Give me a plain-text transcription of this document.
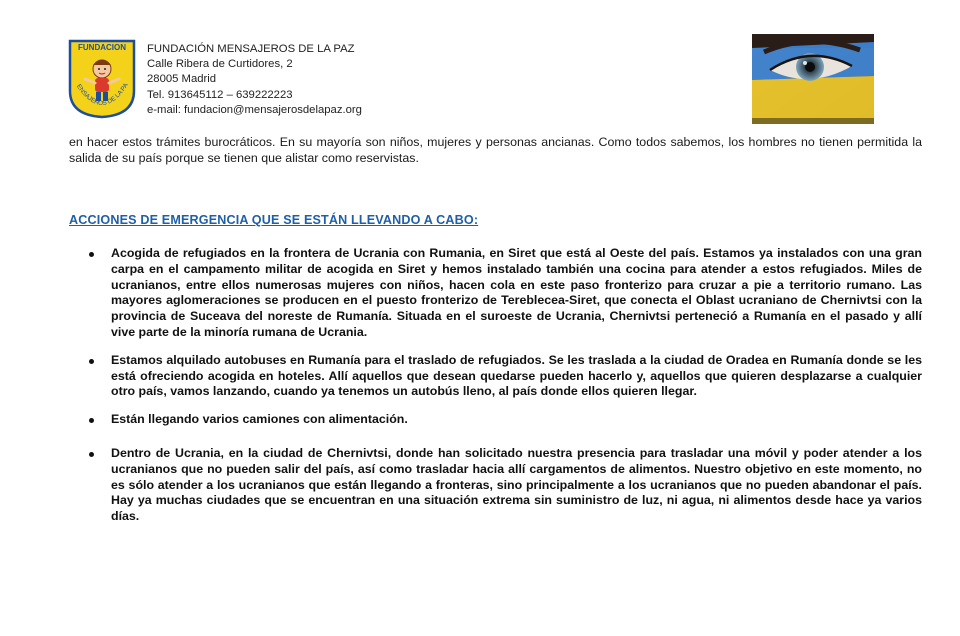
FUNDACION
ENSAJEROS DE LA PA
FUNDACIÓN MENSAJEROS DE LA PAZ
Calle Ribera de Curtidores, 2
28005 Madrid
Tel. 913645112 – 639222223
e-mail: fundacion@mensajerosdelapaz.org
en hacer estos trámites burocráticos. En su mayoría son niños, mujeres y personas ancianas. Como todos sabemos, los hombres no tienen permitida la salida de su país porque se tienen que alistar como reservistas.
ACCIONES DE EMERGENCIA QUE SE ESTÁN LLEVANDO A CABO:
Acogida de refugiados en la frontera de Ucrania con Rumania, en Siret que está al Oeste del país. Estamos ya instalados con una gran carpa en el campamento militar de acogida en Siret y hemos instalado también una cocina para atender a estos refugiados. Miles de ucranianos, entre ellos numerosas mujeres con niños, hacen cola en este paso fronterizo para cruzar a pie a territorio rumano. Las mayores aglomeraciones se producen en el puesto fronterizo de Tereblecea-Siret, que conecta el Oblast ucraniano de Chernivtsi con la provincia de Suceava del noreste de Rumanía. Situada en el suroeste de Ucrania, Chernivtsi perteneció a Rumanía en el pasado y allí vive parte de la minoría rumana de Ucrania.
Estamos alquilado autobuses en Rumanía para el traslado de refugiados. Se les traslada a la ciudad de Oradea en Rumanía donde se les está ofreciendo acogida en hoteles. Allí aquellos que desean quedarse pueden hacerlo y, aquellos que quieren desplazarse a cualquier otro país, vamos lanzando, cuando ya tenemos un autobús lleno, al país donde ellos quieren llegar.
Están llegando varios camiones con alimentación.
Dentro de Ucrania, en la ciudad de Chernivtsi, donde han solicitado nuestra presencia para trasladar una móvil y poder atender a los ucranianos que no pueden salir del país, así como trasladar hacia allí cargamentos de alimentos. Nuestro objetivo en este momento, no es sólo atender a los ucranianos que están llegando a fronteras, sino principalmente a los ucranianos que no pueden abandonar el país. Hay ya muchas ciudades que se encuentran en una situación extrema sin suministro de luz, ni agua, ni alimentos desde hace ya varios días.
